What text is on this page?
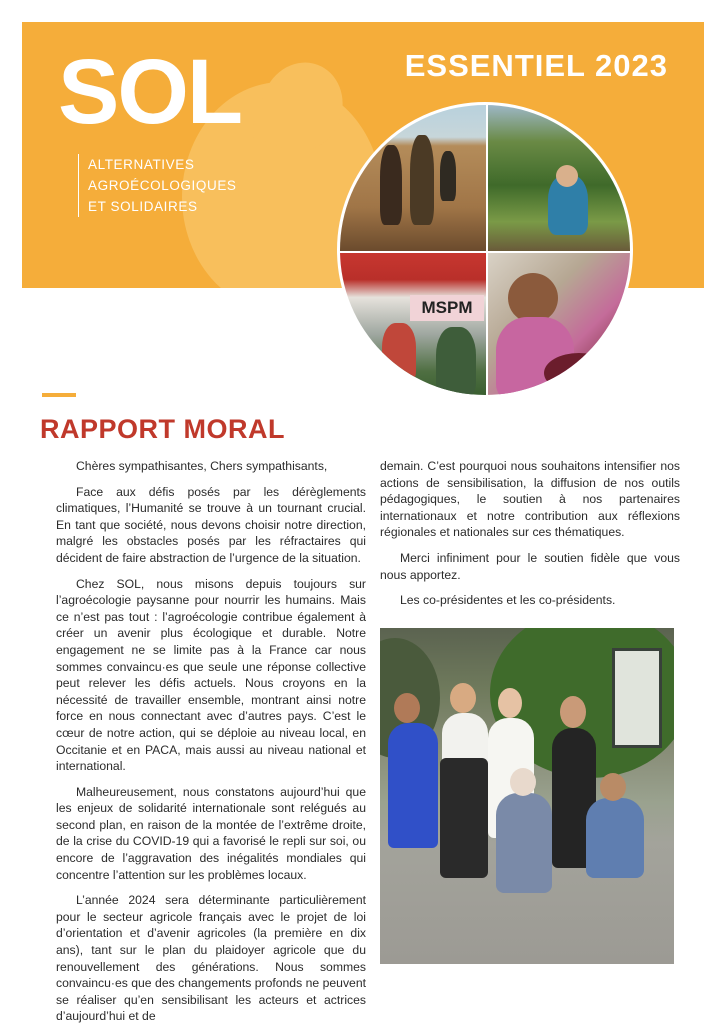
SOL
ALTERNATIVES
AGROÉCOLOGIQUES
ET SOLIDAIRES
ESSENTIEL 2023
MSPM
RAPPORT MORAL

Chères sympathisantes, Chers sympathisants,

Face aux défis posés par les dérèglements climatiques, l’Humanité se trouve à un tournant crucial. En tant que société, nous devons choisir notre direction, malgré les obstacles posés par les réfractaires qui décident de faire abstraction de l’urgence de la situation.

Chez SOL, nous misons depuis toujours sur l’agroécologie paysanne pour nourrir les humains. Mais ce n’est pas tout : l’agroécologie contribue également à créer un avenir plus écologique et durable. Notre engagement ne se limite pas à la France car nous sommes convaincu·es que seule une réponse collective peut relever les défis actuels. Nous croyons en la nécessité de travailler ensemble, montrant ainsi notre force en nous connectant avec d’autres pays. C’est le cœur de notre action, qui se déploie au niveau local, en Occitanie et en PACA, mais aussi au niveau national et international.

Malheureusement, nous constatons aujourd’hui que les enjeux de solidarité internationale sont relégués au second plan, en raison de la montée de l’extrême droite, de la crise du COVID-19 qui a favorisé le repli sur soi, ou encore de l’aggravation des inégalités mondiales qui concentre l’attention sur les problèmes locaux.

L’année 2024 sera déterminante particulièrement pour le secteur agricole français avec le projet de loi d’orientation et d’avenir agricoles (la première en dix ans), tant sur le plan du plaidoyer agricole que du renouvellement des générations. Nous sommes convaincu·es que des changements profonds ne peuvent se réaliser qu’en sensibilisant les acteurs et actrices d’aujourd’hui et de

demain. C’est pourquoi nous souhaitons intensifier nos actions de sensibilisation, la diffusion de nos outils pédagogiques, le soutien à nos partenaires internationaux et notre contribution aux réflexions régionales et nationales sur ces thématiques.

Merci infiniment pour le soutien fidèle que vous nous apportez.

Les co-présidentes et les co-présidents.
